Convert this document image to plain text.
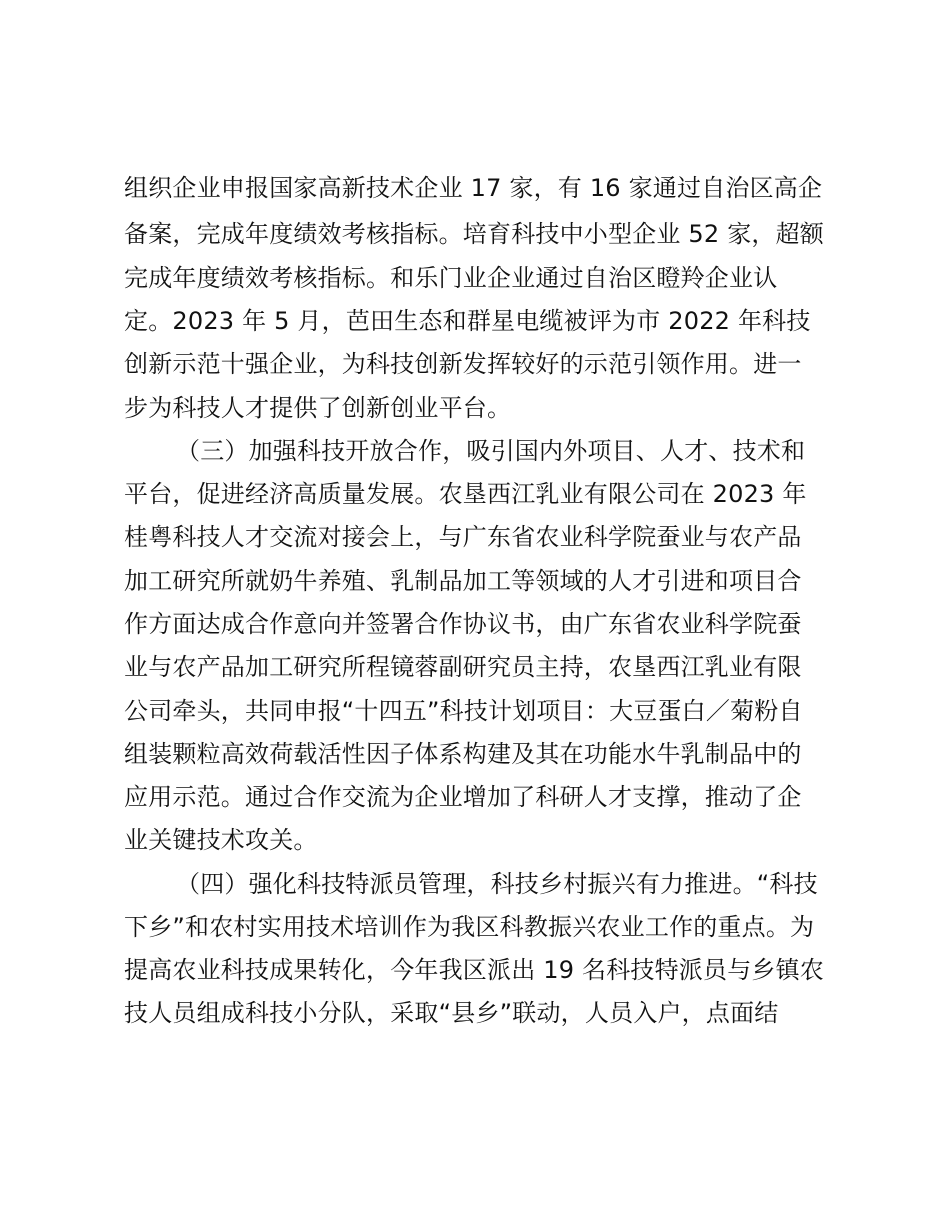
组织企业申报国家高新技术企业 17 家，有 16 家通过自治区高企
备案，完成年度绩效考核指标。培育科技中小型企业 52 家，超额
完成年度绩效考核指标。和乐门业企业通过自治区瞪羚企业认
定。2023 年 5 月，芭田生态和群星电缆被评为市 2022 年科技
创新示范十强企业，为科技创新发挥较好的示范引领作用。进一
步为科技人才提供了创新创业平台。
（三）加强科技开放合作，吸引国内外项目、人才、技术和
平台，促进经济高质量发展。农垦西江乳业有限公司在 2023 年
桂粤科技人才交流对接会上，与广东省农业科学院蚕业与农产品
加工研究所就奶牛养殖、乳制品加工等领域的人才引进和项目合
作方面达成合作意向并签署合作协议书，由广东省农业科学院蚕
业与农产品加工研究所程镜蓉副研究员主持，农垦西江乳业有限
公司牵头，共同申报“十四五”科技计划项目：大豆蛋白／菊粉自
组装颗粒高效荷载活性因子体系构建及其在功能水牛乳制品中的
应用示范。通过合作交流为企业增加了科研人才支撑，推动了企
业关键技术攻关。
（四）强化科技特派员管理，科技乡村振兴有力推进。“科技
下乡”和农村实用技术培训作为我区科教振兴农业工作的重点。为
提高农业科技成果转化，今年我区派出 19 名科技特派员与乡镇农
技人员组成科技小分队，采取“县乡”联动，人员入户，点面结
